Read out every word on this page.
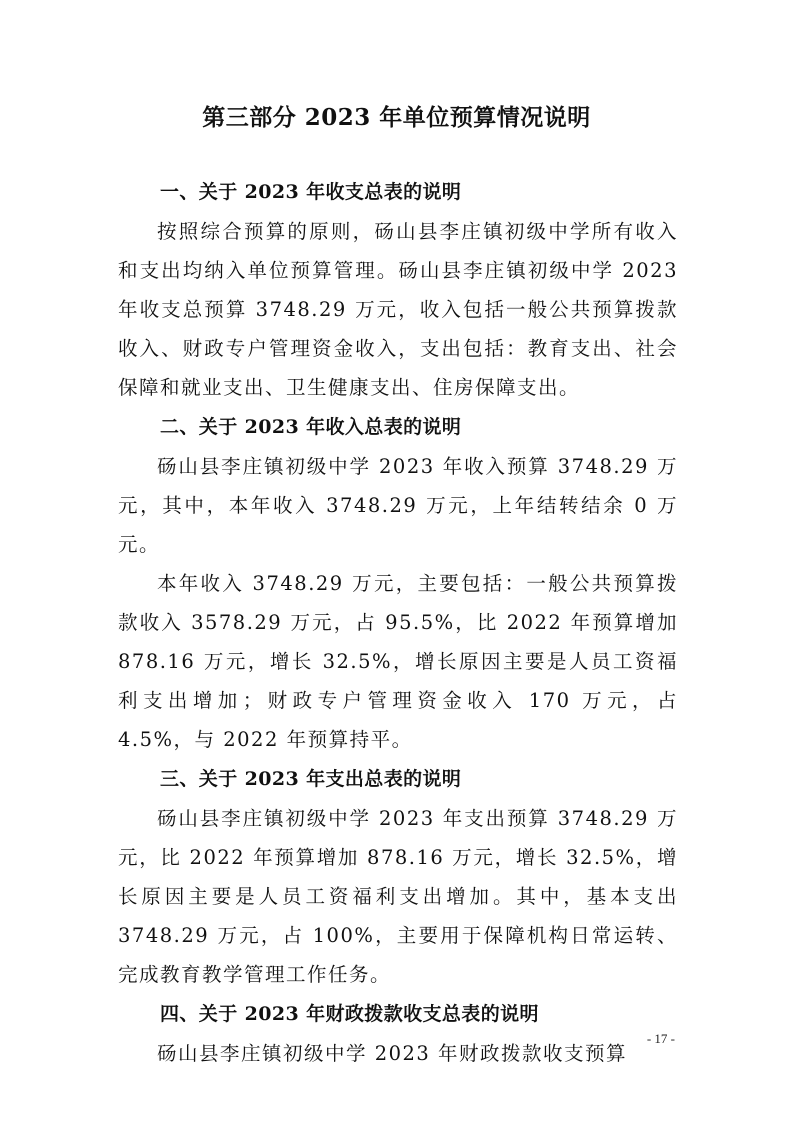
第三部分 2023 年单位预算情况说明
一、关于 2023 年收支总表的说明

按照综合预算的原则，砀山县李庄镇初级中学所有收入和支出均纳入单位预算管理。砀山县李庄镇初级中学 2023 年收支总预算 3748.29 万元，收入包括一般公共预算拨款收入、财政专户管理资金收入，支出包括：教育支出、社会保障和就业支出、卫生健康支出、住房保障支出。

二、关于 2023 年收入总表的说明

砀山县李庄镇初级中学 2023 年收入预算 3748.29 万元，其中，本年收入 3748.29 万元，上年结转结余 0 万元。

本年收入 3748.29 万元，主要包括：一般公共预算拨款收入 3578.29 万元，占 95.5%，比 2022 年预算增加 878.16 万元，增长 32.5%，增长原因主要是人员工资福利支出增加；财政专户管理资金收入 170 万元，占 4.5%，与 2022 年预算持平。

三、关于 2023 年支出总表的说明

砀山县李庄镇初级中学 2023 年支出预算 3748.29 万元，比 2022 年预算增加 878.16 万元，增长 32.5%，增长原因主要是人员工资福利支出增加。其中，基本支出 3748.29 万元，占 100%，主要用于保障机构日常运转、完成教育教学管理工作任务。

四、关于 2023 年财政拨款收支总表的说明

砀山县李庄镇初级中学 2023 年财政拨款收支预算

- 17 -
